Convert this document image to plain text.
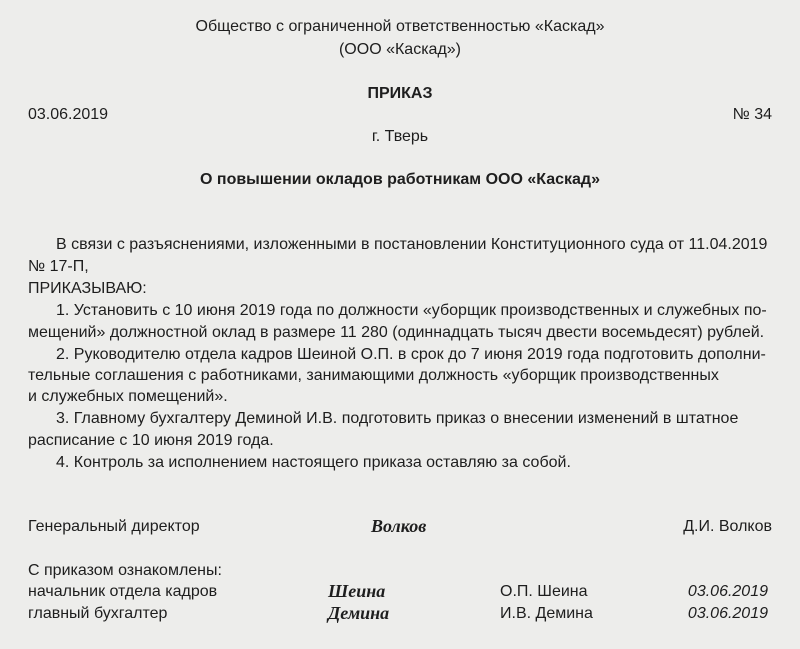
Общество с ограниченной ответственностью «Каскад»
(ООО «Каскад»)
ПРИКАЗ
03.06.2019	№ 34
г. Тверь
О повышении окладов работникам ООО «Каскад»
В связи с разъяснениями, изложенными в постановлении Конституционного суда от 11.04.2019
№ 17-П,
ПРИКАЗЫВАЮ:
1. Установить с 10 июня 2019 года по должности «уборщик производственных и служебных по-
мещений» должностной оклад в размере 11 280 (одиннадцать тысяч двести восемьдесят) рублей.
2. Руководителю отдела кадров Шеиной О.П. в срок до 7 июня 2019 года подготовить дополни-
тельные соглашения с работниками, занимающими должность «уборщик производственных
и служебных помещений».
3. Главному бухгалтеру Деминой И.В. подготовить приказ о внесении изменений в штатное
расписание с 10 июня 2019 года.
4. Контроль за исполнением настоящего приказа оставляю за собой.
Генеральный директор	Волков	Д.И. Волков
С приказом ознакомлены:
начальник отдела кадров	Шеина	О.П. Шеина	03.06.2019
главный бухгалтер	Демина	И.В. Демина	03.06.2019
